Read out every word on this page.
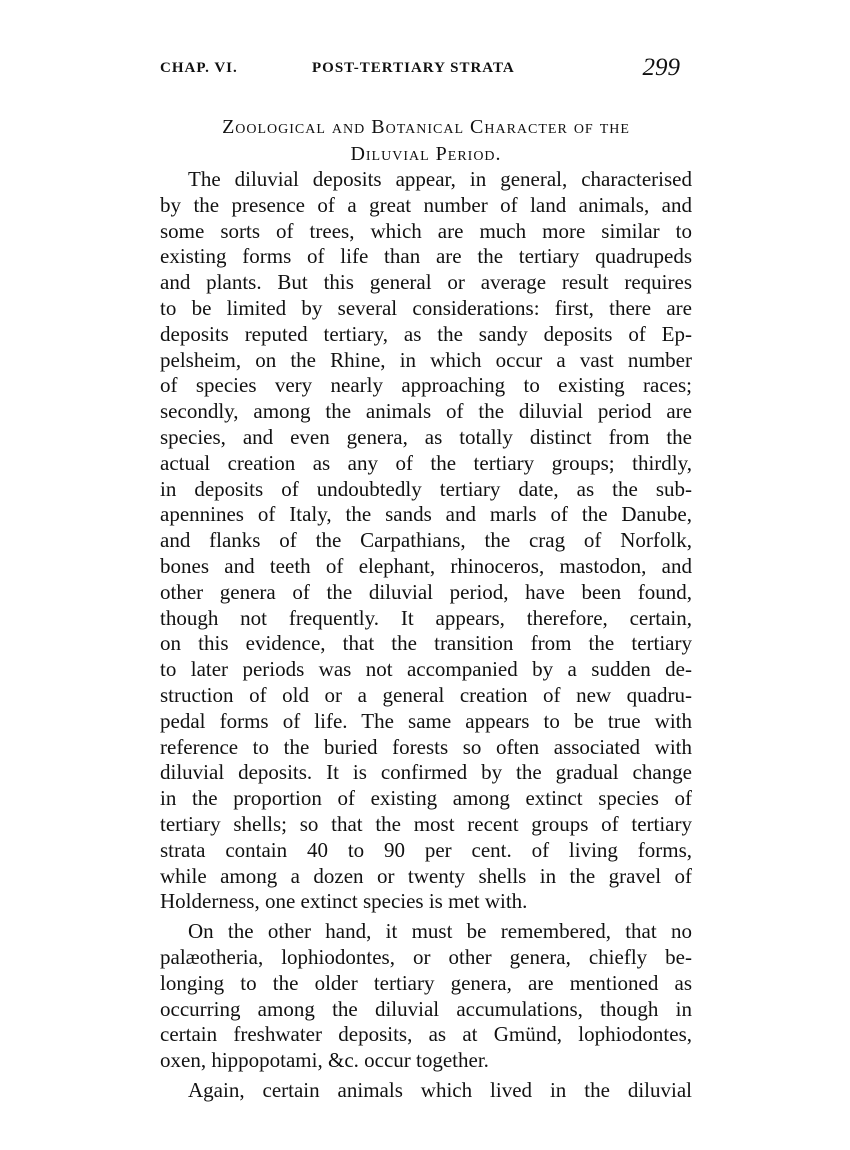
CHAP. VI.	POST-TERTIARY STRATA	299
Zoological and Botanical Character of the
Diluvial Period.
The diluvial deposits appear, in general, characterised
by the presence of a great number of land animals, and
some sorts of trees, which are much more similar to
existing forms of life than are the tertiary quadrupeds
and plants. But this general or average result requires
to be limited by several considerations: first, there are
deposits reputed tertiary, as the sandy deposits of Ep-
pelsheim, on the Rhine, in which occur a vast number
of species very nearly approaching to existing races;
secondly, among the animals of the diluvial period are
species, and even genera, as totally distinct from the
actual creation as any of the tertiary groups; thirdly,
in deposits of undoubtedly tertiary date, as the sub-
apennines of Italy, the sands and marls of the Danube,
and flanks of the Carpathians, the crag of Norfolk,
bones and teeth of elephant, rhinoceros, mastodon, and
other genera of the diluvial period, have been found,
though not frequently. It appears, therefore, certain,
on this evidence, that the transition from the tertiary
to later periods was not accompanied by a sudden de-
struction of old or a general creation of new quadru-
pedal forms of life. The same appears to be true with
reference to the buried forests so often associated with
diluvial deposits. It is confirmed by the gradual change
in the proportion of existing among extinct species of
tertiary shells; so that the most recent groups of tertiary
strata contain 40 to 90 per cent. of living forms,
while among a dozen or twenty shells in the gravel of
Holderness, one extinct species is met with.
On the other hand, it must be remembered, that no
palæotheria, lophiodontes, or other genera, chiefly be-
longing to the older tertiary genera, are mentioned as
occurring among the diluvial accumulations, though in
certain freshwater deposits, as at Gmünd, lophiodontes,
oxen, hippopotami, &c. occur together.
Again, certain animals which lived in the diluvial
